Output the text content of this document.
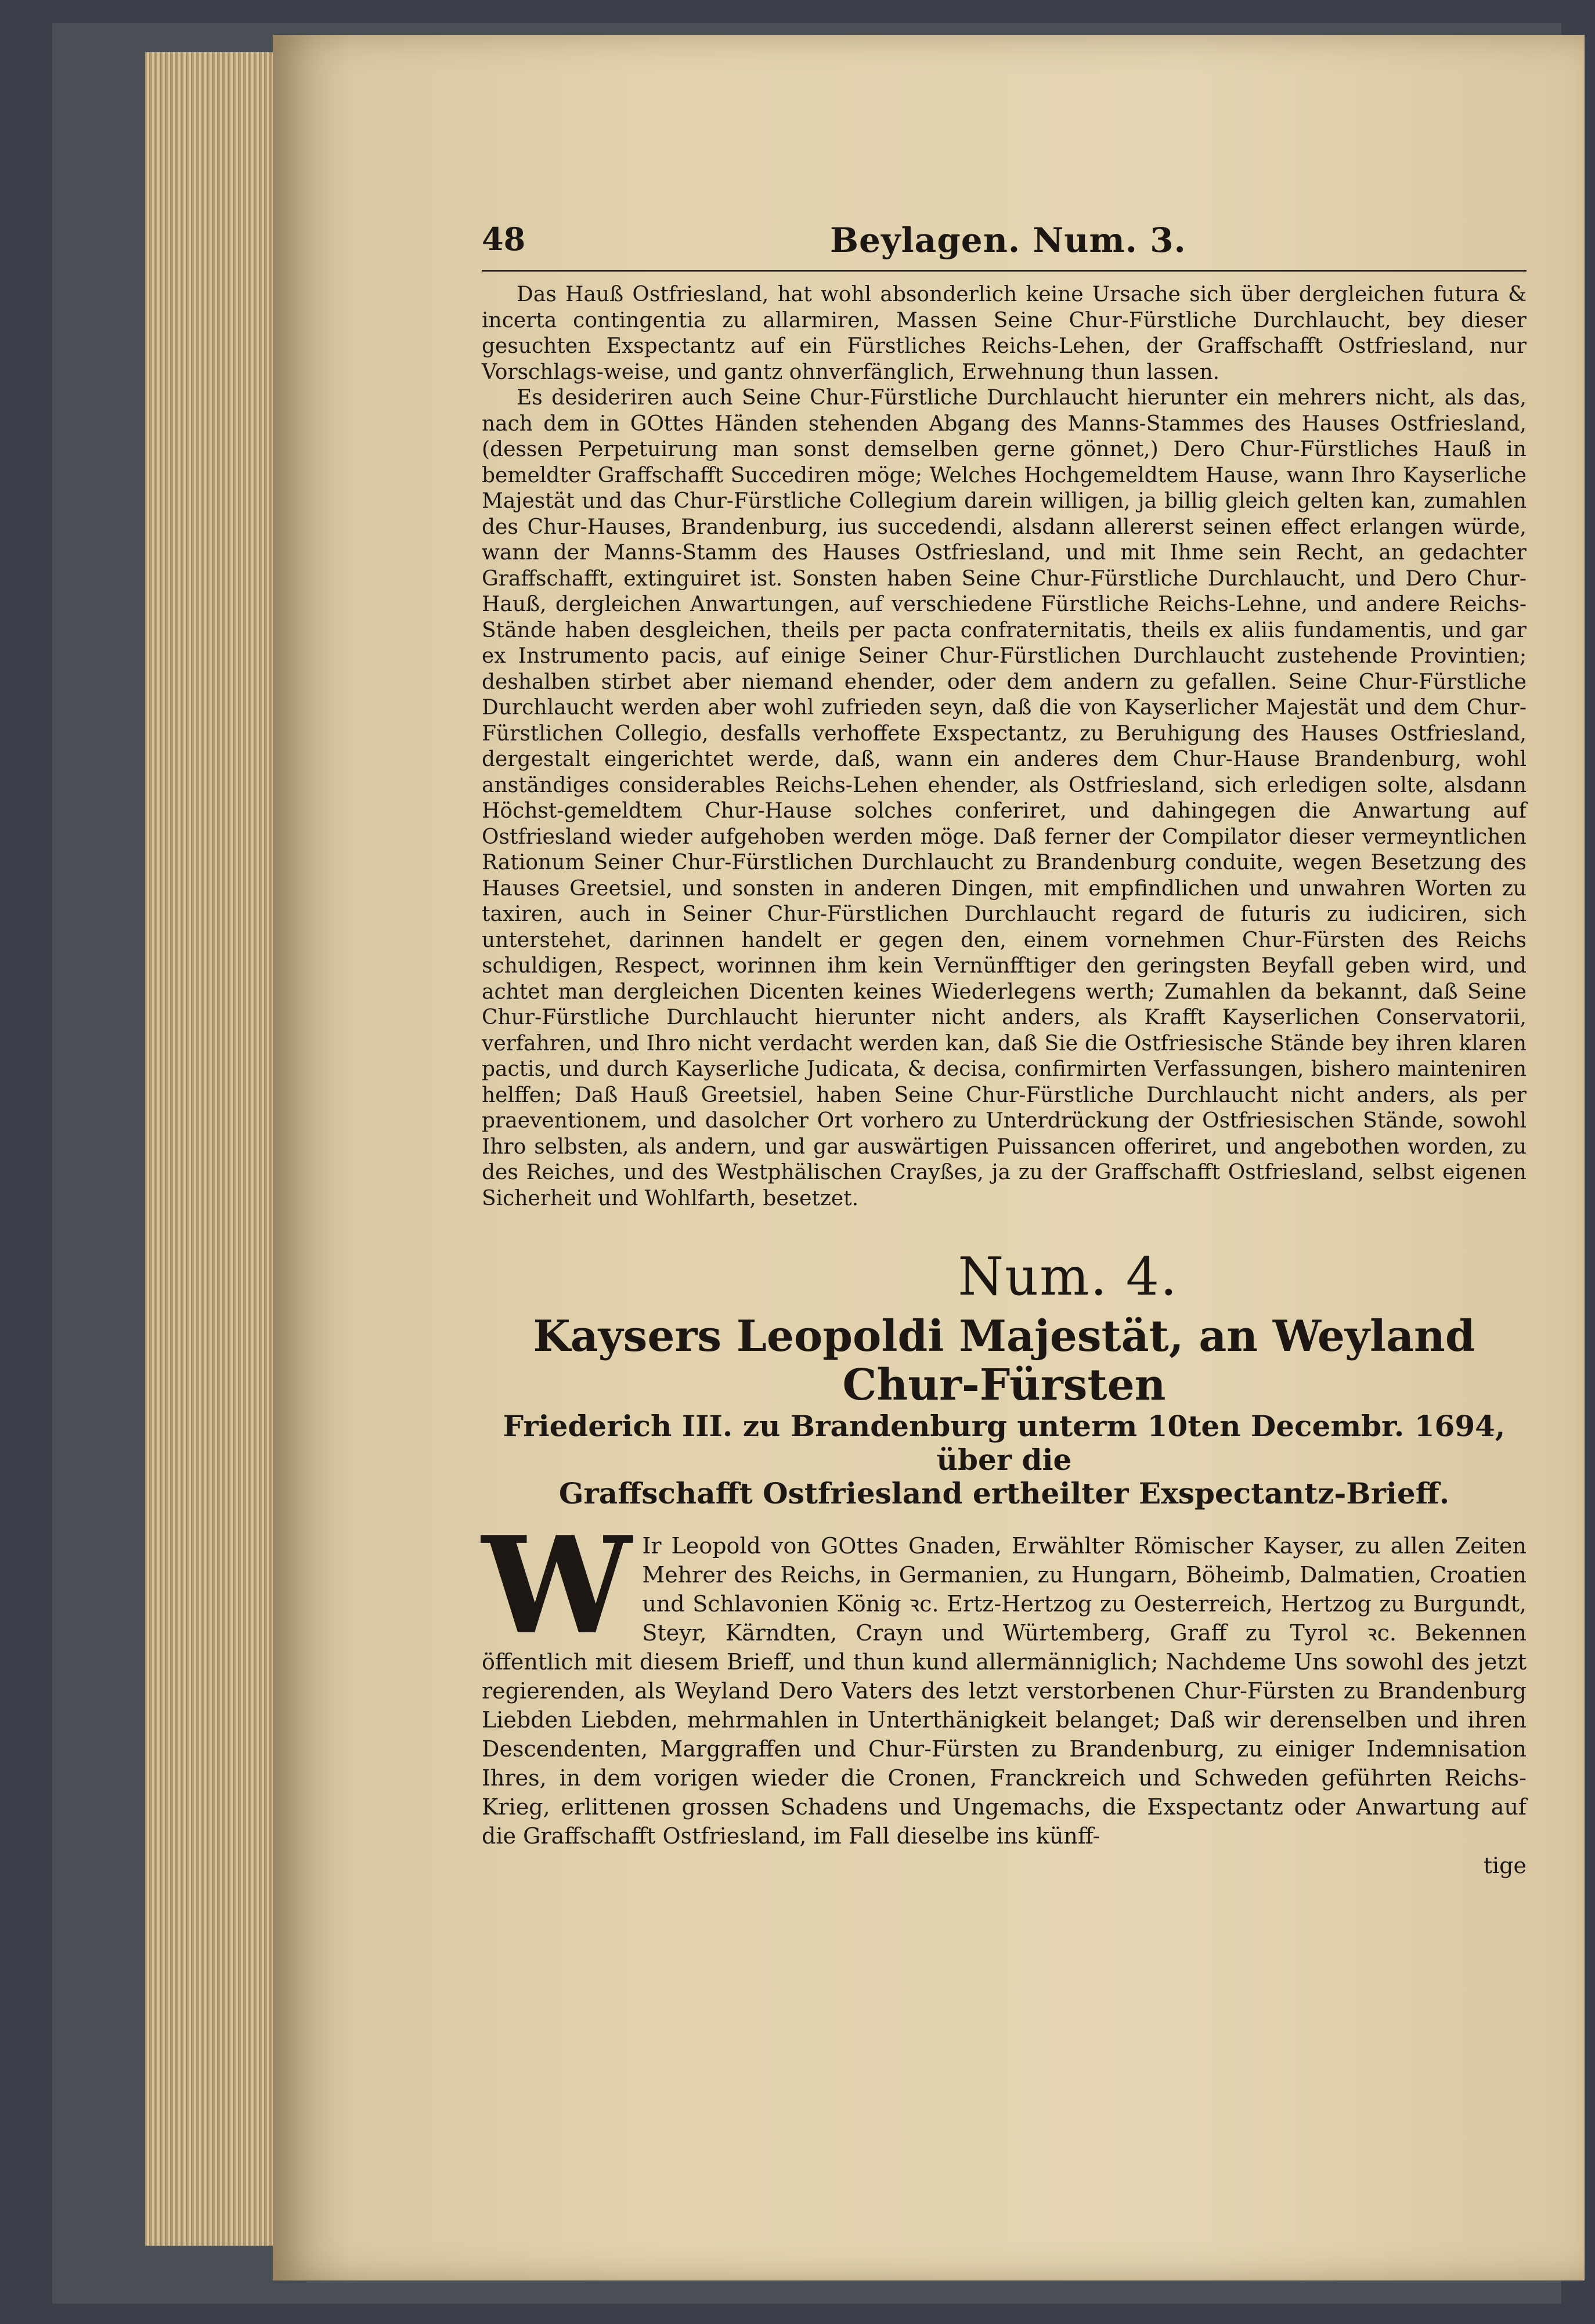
48	Beylagen. Num. 3.

Das Hauß Ostfriesland, hat wohl absonderlich keine Ursache sich über dergleichen futura & incerta contingentia zu allarmiren, Massen Seine Chur-Fürstliche Durchlaucht, bey dieser gesuchten Exspectantz auf ein Fürstliches Reichs-Lehen, der Graffschafft Ostfriesland, nur Vorschlags-weise, und gantz ohnverfänglich, Erwehnung thun lassen.

Es desideriren auch Seine Chur-Fürstliche Durchlaucht hierunter ein mehrers nicht, als das, nach dem in GOttes Händen stehenden Abgang des Manns-Stammes des Hauses Ostfriesland, (dessen Perpetuirung man sonst demselben gerne gönnet,) Dero Chur-Fürstliches Hauß in bemeldter Graffschafft Succediren möge; Welches Hochgemeldtem Hause, wann Ihro Kayserliche Majestät und das Chur-Fürstliche Collegium darein willigen, ja billig gleich gelten kan, zumahlen des Chur-Hauses, Brandenburg, ius succedendi, alsdann allererst seinen effect erlangen würde, wann der Manns-Stamm des Hauses Ostfriesland, und mit Ihme sein Recht, an gedachter Graffschafft, extinguiret ist. Sonsten haben Seine Chur-Fürstliche Durchlaucht, und Dero Chur-Hauß, dergleichen Anwartungen, auf verschiedene Fürstliche Reichs-Lehne, und andere Reichs-Stände haben desgleichen, theils per pacta confraternitatis, theils ex aliis fundamentis, und gar ex Instrumento pacis, auf einige Seiner Chur-Fürstlichen Durchlaucht zustehende Provintien; deshalben stirbet aber niemand ehender, oder dem andern zu gefallen. Seine Chur-Fürstliche Durchlaucht werden aber wohl zufrieden seyn, daß die von Kayserlicher Majestät und dem Chur-Fürstlichen Collegio, desfalls verhoffete Exspectantz, zu Beruhigung des Hauses Ostfriesland, dergestalt eingerichtet werde, daß, wann ein anderes dem Chur-Hause Brandenburg, wohl anständiges considerables Reichs-Lehen ehender, als Ostfriesland, sich erledigen solte, alsdann Höchst-gemeldtem Chur-Hause solches conferiret, und dahingegen die Anwartung auf Ostfriesland wieder aufgehoben werden möge. Daß ferner der Compilator dieser vermeyntlichen Rationum Seiner Chur-Fürstlichen Durchlaucht zu Brandenburg conduite, wegen Besetzung des Hauses Greetsiel, und sonsten in anderen Dingen, mit empfindlichen und unwahren Worten zu taxiren, auch in Seiner Chur-Fürstlichen Durchlaucht regard de futuris zu iudiciren, sich unterstehet, darinnen handelt er gegen den, einem vornehmen Chur-Fürsten des Reichs schuldigen, Respect, worinnen ihm kein Vernünfftiger den geringsten Beyfall geben wird, und achtet man dergleichen Dicenten keines Wiederlegens werth; Zumahlen da bekannt, daß Seine Chur-Fürstliche Durchlaucht hierunter nicht anders, als Krafft Kayserlichen Conservatorii, verfahren, und Ihro nicht verdacht werden kan, daß Sie die Ostfriesische Stände bey ihren klaren pactis, und durch Kayserliche Judicata, & decisa, confirmirten Verfassungen, bishero mainteniren helffen; Daß Hauß Greetsiel, haben Seine Chur-Fürstliche Durchlaucht nicht anders, als per praeventionem, und dasolcher Ort vorhero zu Unterdrückung der Ostfriesischen Stände, sowohl Ihro selbsten, als andern, und gar auswärtigen Puissancen offeriret, und angebothen worden, zu des Reiches, und des Westphälischen Crayßes, ja zu der Graffschafft Ostfriesland, selbst eigenen Sicherheit und Wohlfarth, besetzet.

Num. 4.
Kaysers Leopoldi Majestät, an Weyland Chur-Fürsten
Friederich III. zu Brandenburg unterm 10ten Decembr. 1694, über die
Graffschafft Ostfriesland ertheilter Exspectantz-Brieff.
W Ir Leopold von GOttes Gnaden, Erwählter Römischer Kayser, zu allen Zeiten Mehrer des Reichs, in Germanien, zu Hungarn, Böheimb, Dalmatien, Croatien und Schlavonien König ꝛc. Ertz-Hertzog zu Oesterreich, Hertzog zu Burgundt, Steyr, Kärndten, Crayn und Würtemberg, Graff zu Tyrol ꝛc. Bekennen öffentlich mit diesem Brieff, und thun kund allermänniglich; Nachdeme Uns sowohl des jetzt regierenden, als Weyland Dero Vaters des letzt verstorbenen Chur-Fürsten zu Brandenburg Liebden Liebden, mehrmahlen in Unterthänigkeit belanget; Daß wir derenselben und ihren Descendenten, Marggraffen und Chur-Fürsten zu Brandenburg, zu einiger Indemnisation Ihres, in dem vorigen wieder die Cronen, Franckreich und Schweden geführten Reichs-Krieg, erlittenen grossen Schadens und Ungemachs, die Exspectantz oder Anwartung auf die Graffschafft Ostfriesland, im Fall dieselbe ins künff-
tige
